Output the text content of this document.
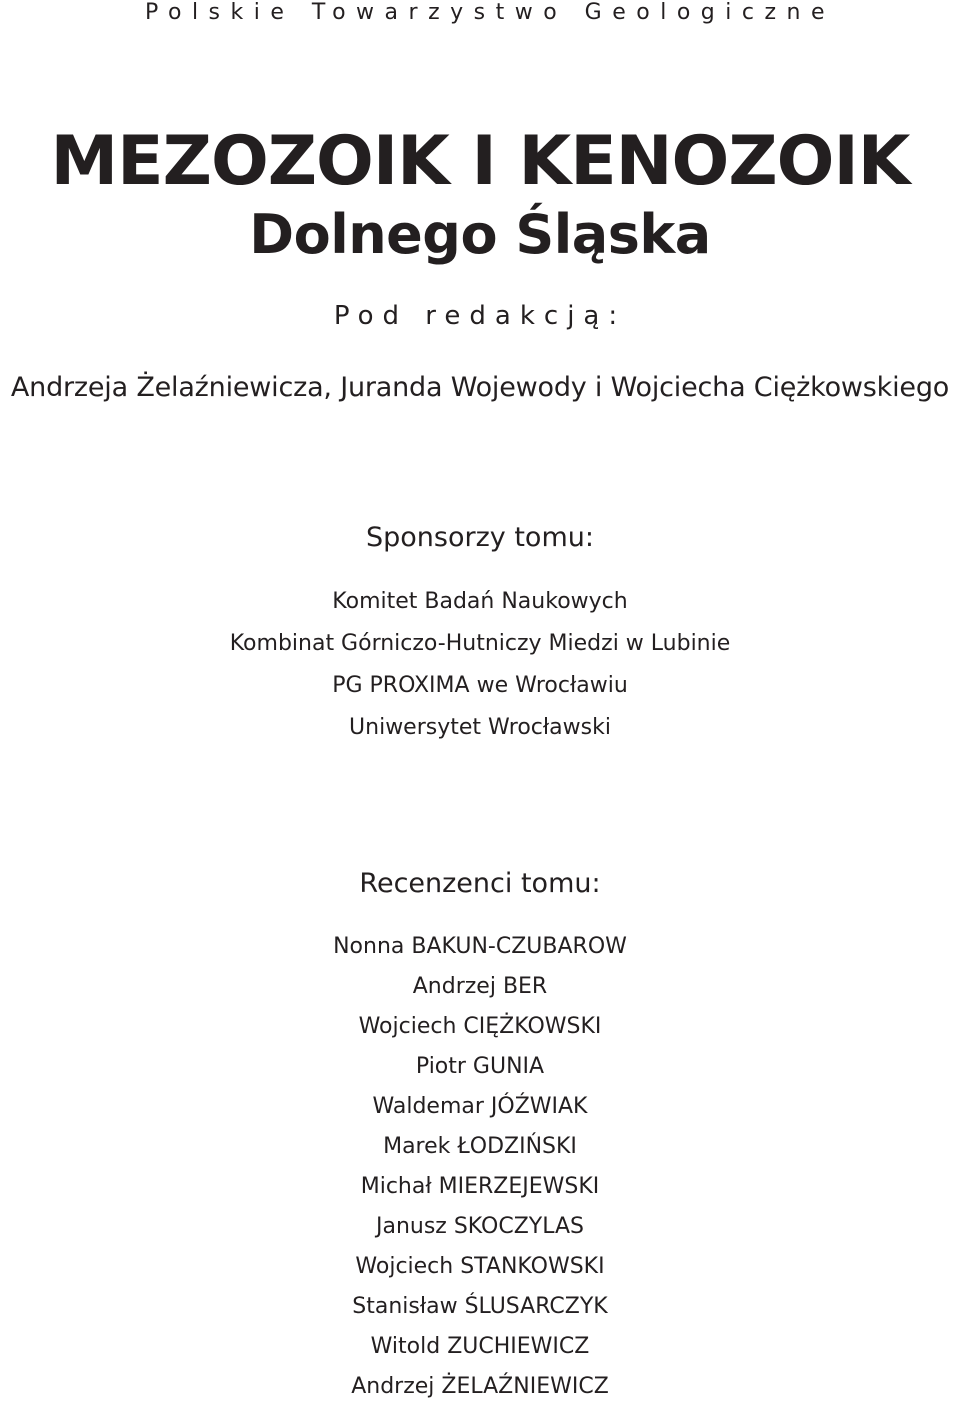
Polskie Towarzystwo Geologiczne
MEZOZOIK I KENOZOIK
Dolnego Śląska
Pod redakcją:
Andrzeja Żelaźniewicza, Juranda Wojewody i Wojciecha Ciężkowskiego
Sponsorzy tomu:
Komitet Badań Naukowych
Kombinat Górniczo-Hutniczy Miedzi w Lubinie
PG PROXIMA we Wrocławiu
Uniwersytet Wrocławski
Recenzenci tomu:
Nonna BAKUN-CZUBAROW
Andrzej BER
Wojciech CIĘŻKOWSKI
Piotr GUNIA
Waldemar JÓŹWIAK
Marek ŁODZIŃSKI
Michał MIERZEJEWSKI
Janusz SKOCZYLAS
Wojciech STANKOWSKI
Stanisław ŚLUSARCZYK
Witold ZUCHIEWICZ
Andrzej ŻELAŹNIEWICZ
